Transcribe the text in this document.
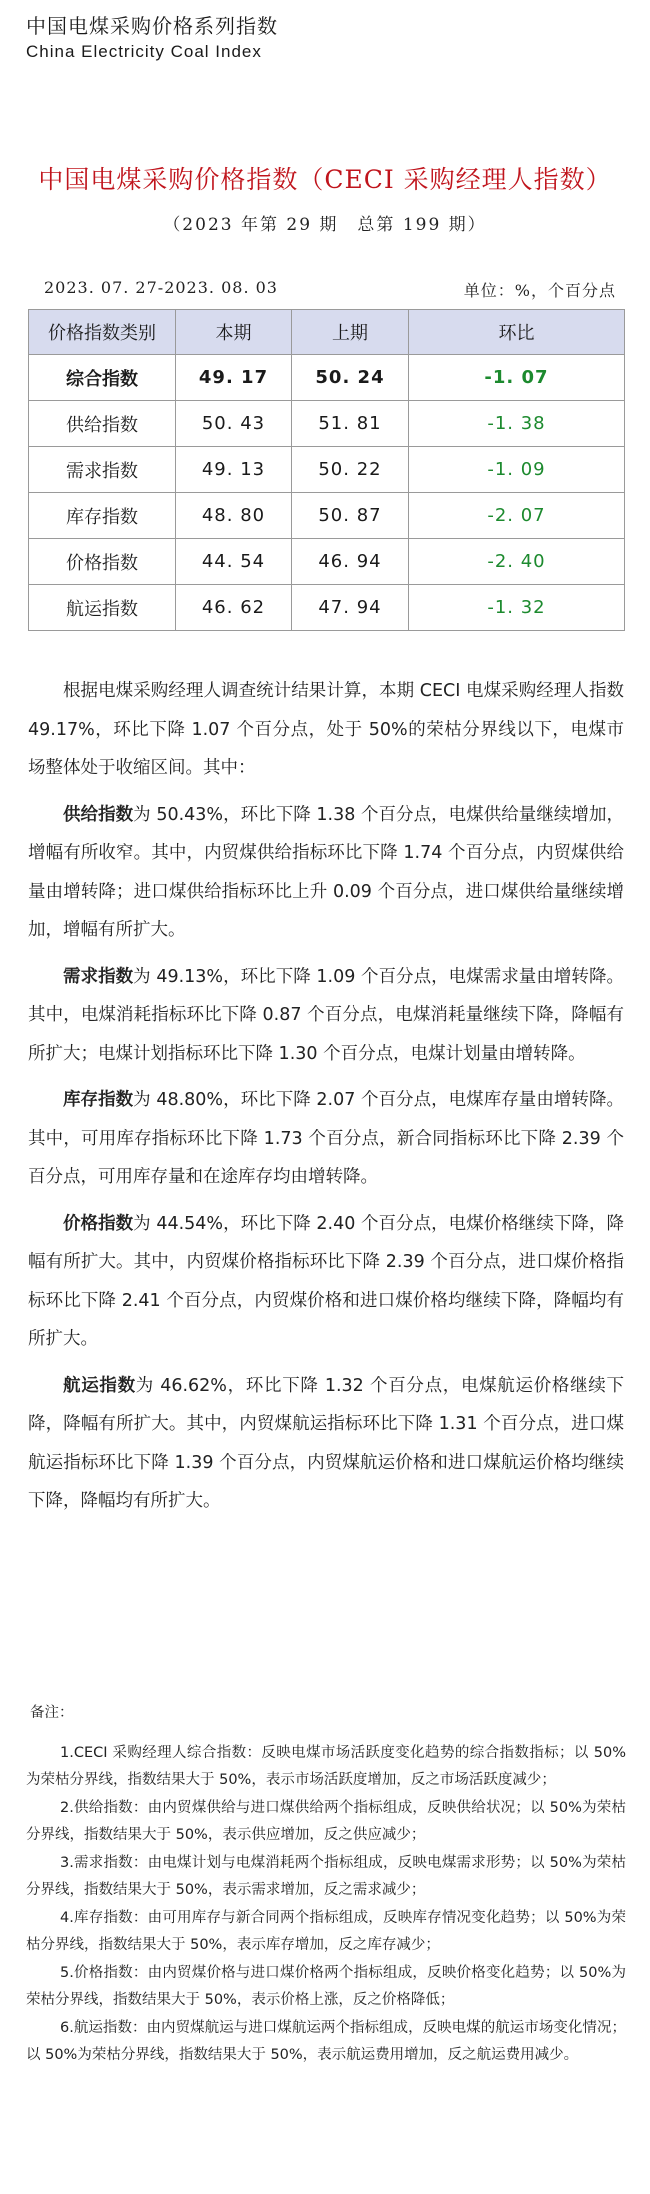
中国电煤采购价格系列指数
China Electricity Coal Index
中国电煤采购价格指数（CECI 采购经理人指数）
（2023 年第 29 期　总第 199 期）
2023. 07. 27-2023. 08. 03	单位：%，个百分点
价格指数类别	本期	上期	环比
综合指数	49. 17	50. 24	-1. 07
供给指数	50. 43	51. 81	-1. 38
需求指数	49. 13	50. 22	-1. 09
库存指数	48. 80	50. 87	-2. 07
价格指数	44. 54	46. 94	-2. 40
航运指数	46. 62	47. 94	-1. 32

根据电煤采购经理人调查统计结果计算，本期 CECI 电煤采购经理人指数 49.17%，环比下降 1.07 个百分点，处于 50%的荣枯分界线以下，电煤市场整体处于收缩区间。其中：

供给指数为 50.43%，环比下降 1.38 个百分点，电煤供给量继续增加，增幅有所收窄。其中，内贸煤供给指标环比下降 1.74 个百分点，内贸煤供给量由增转降；进口煤供给指标环比上升 0.09 个百分点，进口煤供给量继续增加，增幅有所扩大。

需求指数为 49.13%，环比下降 1.09 个百分点，电煤需求量由增转降。其中，电煤消耗指标环比下降 0.87 个百分点，电煤消耗量继续下降，降幅有所扩大；电煤计划指标环比下降 1.30 个百分点，电煤计划量由增转降。

库存指数为 48.80%，环比下降 2.07 个百分点，电煤库存量由增转降。其中，可用库存指标环比下降 1.73 个百分点，新合同指标环比下降 2.39 个百分点，可用库存量和在途库存均由增转降。

价格指数为 44.54%，环比下降 2.40 个百分点，电煤价格继续下降，降幅有所扩大。其中，内贸煤价格指标环比下降 2.39 个百分点，进口煤价格指标环比下降 2.41 个百分点，内贸煤价格和进口煤价格均继续下降，降幅均有所扩大。

航运指数为 46.62%，环比下降 1.32 个百分点，电煤航运价格继续下降，降幅有所扩大。其中，内贸煤航运指标环比下降 1.31 个百分点，进口煤航运指标环比下降 1.39 个百分点，内贸煤航运价格和进口煤航运价格均继续下降，降幅均有所扩大。

备注：

1.CECI 采购经理人综合指数：反映电煤市场活跃度变化趋势的综合指数指标；以 50%为荣枯分界线，指数结果大于 50%，表示市场活跃度增加，反之市场活跃度减少；

2.供给指数：由内贸煤供给与进口煤供给两个指标组成，反映供给状况；以 50%为荣枯分界线，指数结果大于 50%，表示供应增加，反之供应减少；

3.需求指数：由电煤计划与电煤消耗两个指标组成，反映电煤需求形势；以 50%为荣枯分界线，指数结果大于 50%，表示需求增加，反之需求减少；

4.库存指数：由可用库存与新合同两个指标组成，反映库存情况变化趋势；以 50%为荣枯分界线，指数结果大于 50%，表示库存增加，反之库存减少；

5.价格指数：由内贸煤价格与进口煤价格两个指标组成，反映价格变化趋势；以 50%为荣枯分界线，指数结果大于 50%，表示价格上涨，反之价格降低；

6.航运指数：由内贸煤航运与进口煤航运两个指标组成，反映电煤的航运市场变化情况；以 50%为荣枯分界线，指数结果大于 50%，表示航运费用增加，反之航运费用减少。
